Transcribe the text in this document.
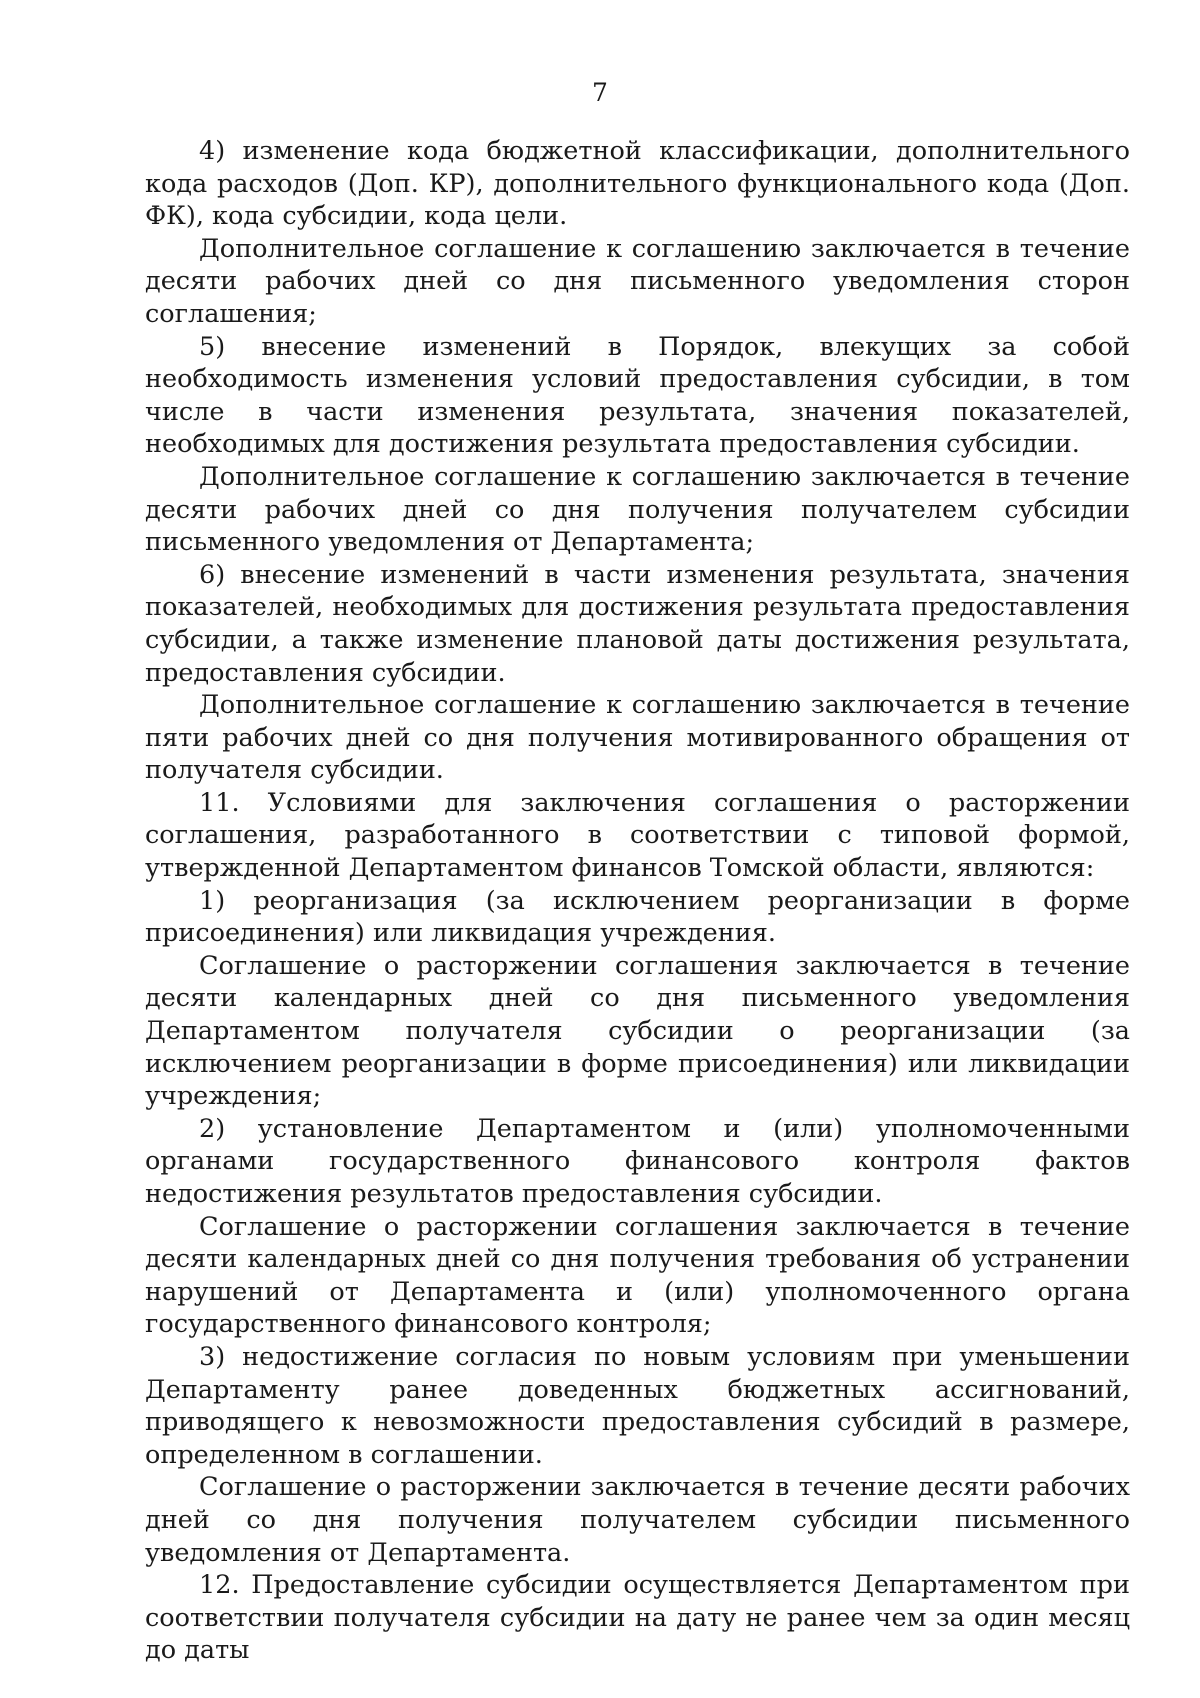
7

4) изменение кода бюджетной классификации, дополнительного кода расходов (Доп. КР), дополнительного функционального кода (Доп. ФК), кода субсидии, кода цели.

Дополнительное соглашение к соглашению заключается в течение десяти рабочих дней со дня письменного уведомления сторон соглашения;

5) внесение изменений в Порядок, влекущих за собой необходимость изменения условий предоставления субсидии, в том числе в части изменения результата, значения показателей, необходимых для достижения результата предоставления субсидии.

Дополнительное соглашение к соглашению заключается в течение десяти рабочих дней со дня получения получателем субсидии письменного уведомления от Департамента;

6) внесение изменений в части изменения результата, значения показателей, необходимых для достижения результата предоставления субсидии, а также изменение плановой даты достижения результата, предоставления субсидии.

Дополнительное соглашение к соглашению заключается в течение пяти рабочих дней со дня получения мотивированного обращения от получателя субсидии.

11. Условиями для заключения соглашения о расторжении соглашения, разработанного в соответствии с типовой формой, утвержденной Департаментом финансов Томской области, являются:

1) реорганизация (за исключением реорганизации в форме присоединения) или ликвидация учреждения.

Соглашение о расторжении соглашения заключается в течение десяти календарных дней со дня письменного уведомления Департаментом получателя субсидии о реорганизации (за исключением реорганизации в форме присоединения) или ликвидации учреждения;

2) установление Департаментом и (или) уполномоченными органами государственного финансового контроля фактов недостижения результатов предоставления субсидии.

Соглашение о расторжении соглашения заключается в течение десяти календарных дней со дня получения требования об устранении нарушений от Департамента и (или) уполномоченного органа государственного финансового контроля;

3) недостижение согласия по новым условиям при уменьшении Департаменту ранее доведенных бюджетных ассигнований, приводящего к невозможности предоставления субсидий в размере, определенном в соглашении.

Соглашение о расторжении заключается в течение десяти рабочих дней со дня получения получателем субсидии письменного уведомления от Департамента.

12. Предоставление субсидии осуществляется Департаментом при соответствии получателя субсидии на дату не ранее чем за один месяц до даты
